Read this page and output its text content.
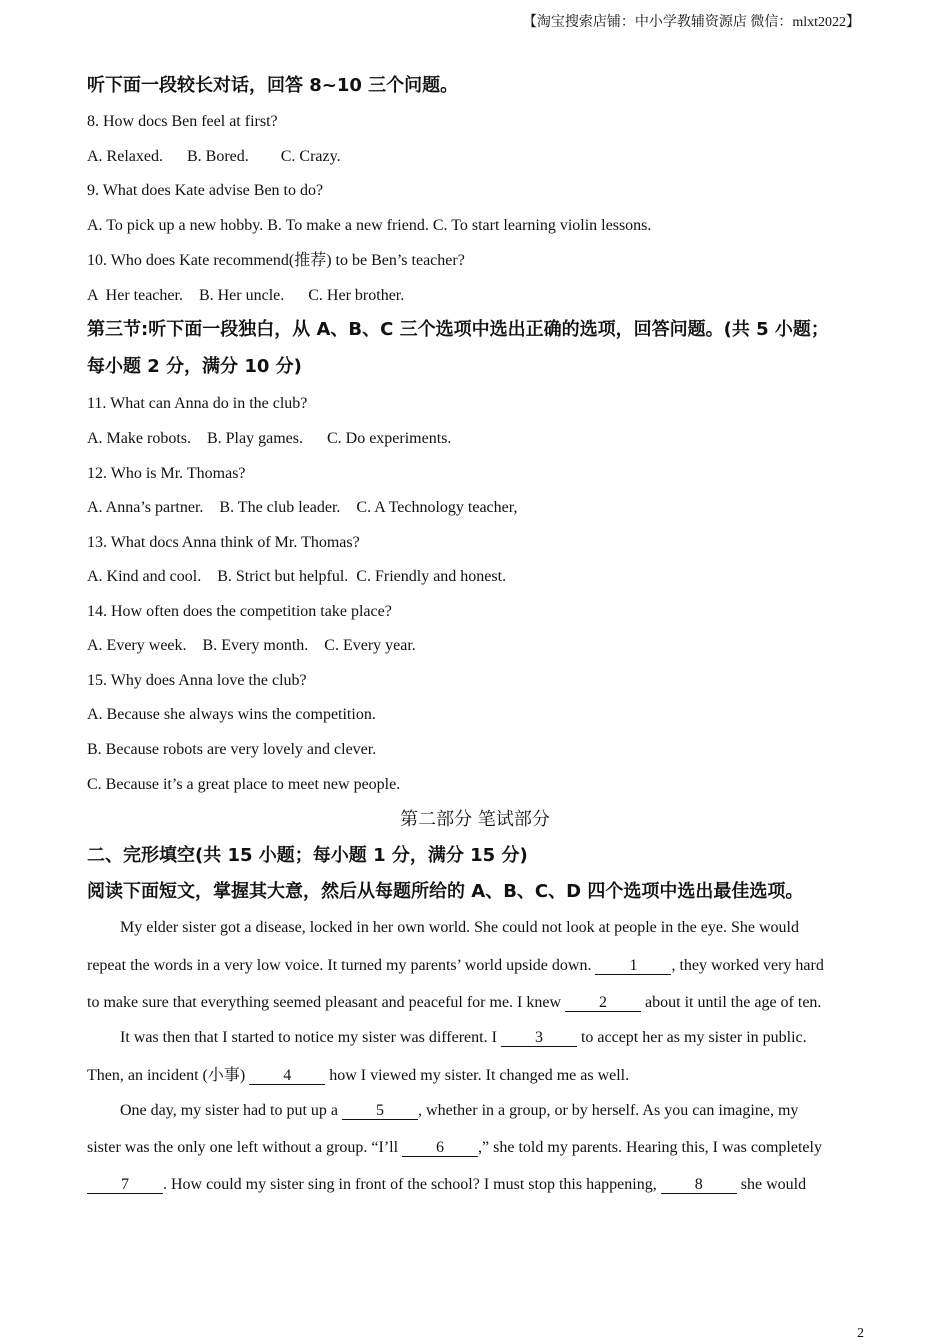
【淘宝搜索店铺：中小学教辅资源店 微信：mlxt2022】
听下面一段较长对话，回答 8~10 三个问题。
8. How docs Ben feel at first?
A. Relaxed.      B. Bored.        C. Crazy.
9. What does Kate advise Ben to do?
A. To pick up a new hobby. B. To make a new friend. C. To start learning violin lessons.
10. Who does Kate recommend(推荐) to be Ben’s teacher?
A  Her teacher.    B. Her uncle.      C. Her brother.
第三节:听下面一段独白，从 A、B、C 三个选项中选出正确的选项，回答问题。(共 5 小题；
每小题 2 分，满分 10 分)
11. What can Anna do in the club?
A. Make robots.    B. Play games.      C. Do experiments.
12. Who is Mr. Thomas?
A. Anna’s partner.    B. The club leader.    C. A Technology teacher,
13. What docs Anna think of Mr. Thomas?
A. Kind and cool.    B. Strict but helpful.  C. Friendly and honest.
14. How often does the competition take place?
A. Every week.    B. Every month.    C. Every year.
15. Why does Anna love the club?
A. Because she always wins the competition.
B. Because robots are very lovely and clever.
C. Because it’s a great place to meet new people.
第二部分 笔试部分
二、完形填空(共 15 小题；每小题 1 分，满分 15 分)
阅读下面短文，掌握其大意，然后从每题所给的 A、B、C、D 四个选项中选出最佳选项。
My elder sister got a disease, locked in her own world. She could not look at people in the eye. She would
repeat the words in a very low voice. It turned my parents’ world upside down. 1 , they worked very hard
to make sure that everything seemed pleasant and peaceful for me. I knew 2 about it until the age of ten.
It was then that I started to notice my sister was different. I 3 to accept her as my sister in public.
Then, an incident (小事) 4 how I viewed my sister. It changed me as well.
One day, my sister had to put up a 5 , whether in a group, or by herself. As you can imagine, my
sister was the only one left without a group. “I’ll 6 ,” she told my parents. Hearing this, I was completely
7 . How could my sister sing in front of the school? I must stop this happening, 8 she would
2
